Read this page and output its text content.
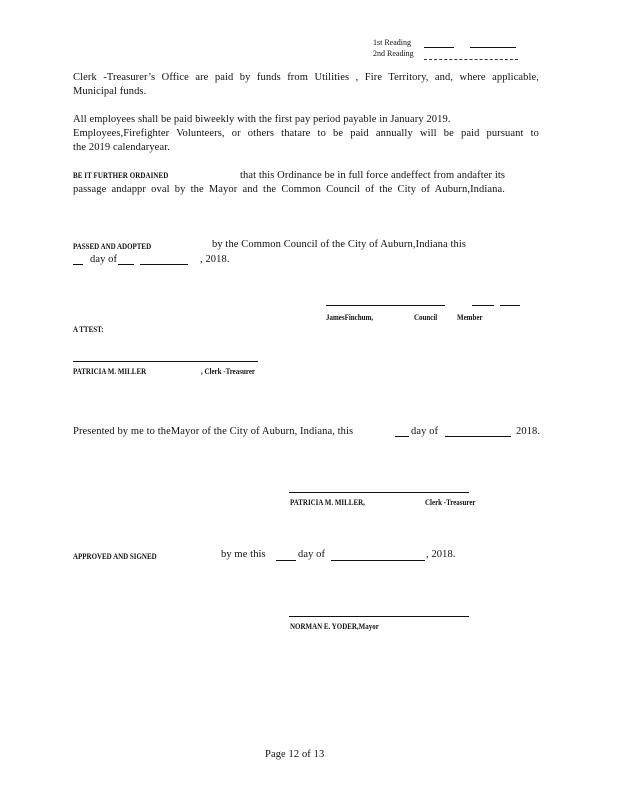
1st Reading
2nd Reading
Clerk -Treasurer’s Office are paid by funds from Utilities , Fire Territory, and, where applicable,
Municipal funds.
All employees shall be paid biweekly with the first pay period payable in January 2019.
Employees,Firefighter Volunteers, or others thatare to be paid annually will be paid pursuant to
the 2019 calendaryear.
BE IT FURTHER ORDAINED	that this Ordinance be in full force andeffect from andafter its
passage andappr oval by the Mayor and the Common Council of the City of Auburn,Indiana.
PASSED AND ADOPTED	by the Common Council of the City of Auburn,Indiana this
day of	, 2018.
JamesFinchum,	Council Member
A TTEST:
PATRICIA M. MILLER	, Clerk -Treasurer
Presented by me to theMayor of the City of Auburn, Indiana, this	day of	2018.
PATRICIA M. MILLER,	Clerk -Treasurer
APPROVED AND SIGNED	by me this	day of	, 2018.
NORMAN E. YODER,Mayor
Page 12 of 13
